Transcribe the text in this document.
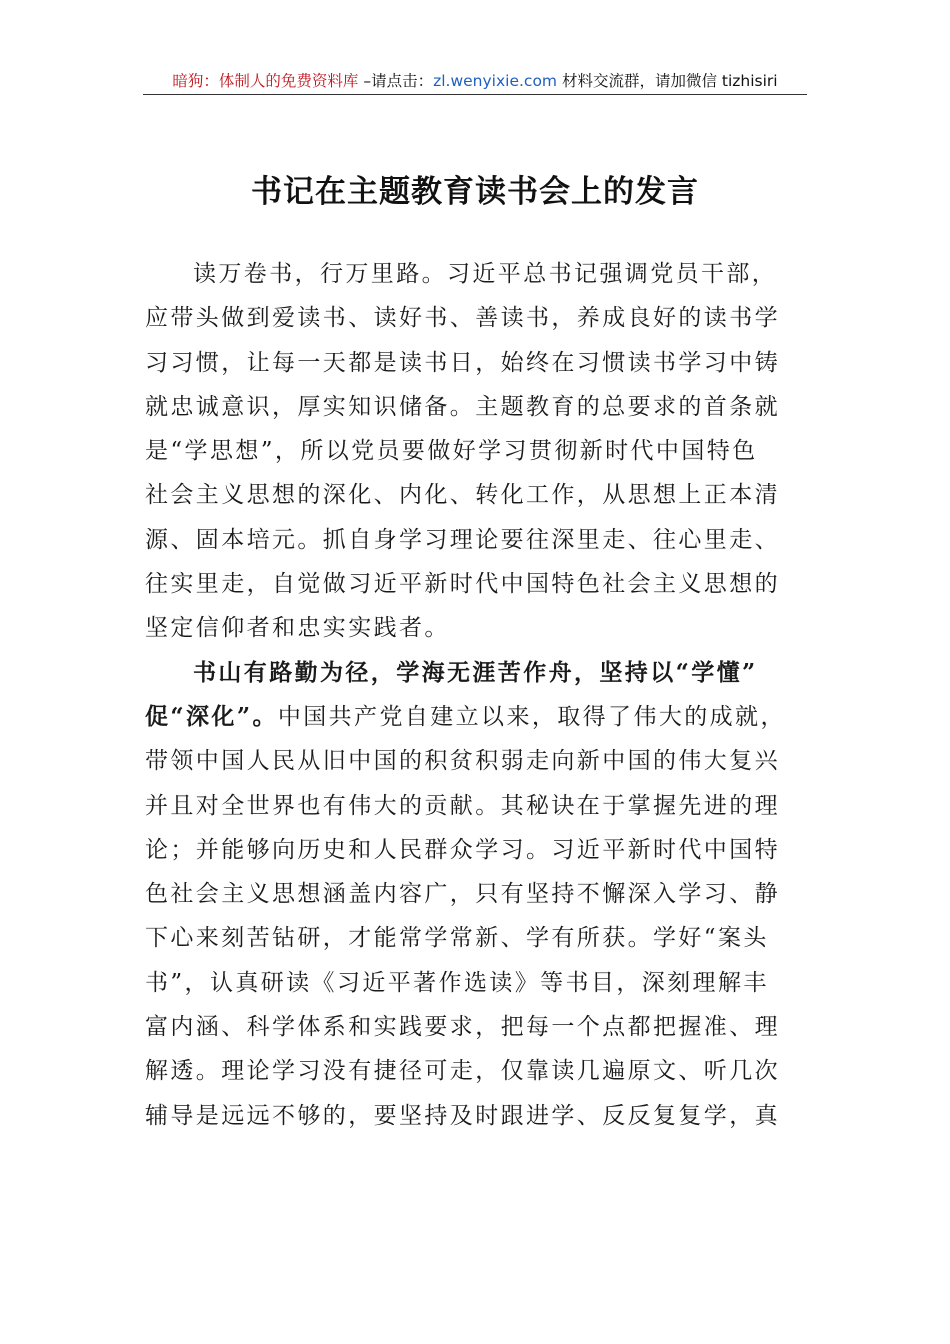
暗狗：体制人的免费资料库 –请点击：zl.wenyixie.com 材料交流群，请加微信 tizhisiri
书记在主题教育读书会上的发言

读万卷书，行万里路。习近平总书记强调党员干部，
应带头做到爱读书、读好书、善读书，养成良好的读书学
习习惯，让每一天都是读书日，始终在习惯读书学习中铸
就忠诚意识，厚实知识储备。主题教育的总要求的首条就
是“学思想”，所以党员要做好学习贯彻新时代中国特色
社会主义思想的深化、内化、转化工作，从思想上正本清
源、固本培元。抓自身学习理论要往深里走、往心里走、
往实里走，自觉做习近平新时代中国特色社会主义思想的
坚定信仰者和忠实实践者。

书山有路勤为径，学海无涯苦作舟，坚持以“学懂”
促“深化”。中国共产党自建立以来，取得了伟大的成就，
带领中国人民从旧中国的积贫积弱走向新中国的伟大复兴
并且对全世界也有伟大的贡献。其秘诀在于掌握先进的理
论；并能够向历史和人民群众学习。习近平新时代中国特
色社会主义思想涵盖内容广，只有坚持不懈深入学习、静
下心来刻苦钻研，才能常学常新、学有所获。学好“案头
书”，认真研读《习近平著作选读》等书目，深刻理解丰
富内涵、科学体系和实践要求，把每一个点都把握准、理
解透。理论学习没有捷径可走，仅靠读几遍原文、听几次
辅导是远远不够的，要坚持及时跟进学、反反复复学，真
